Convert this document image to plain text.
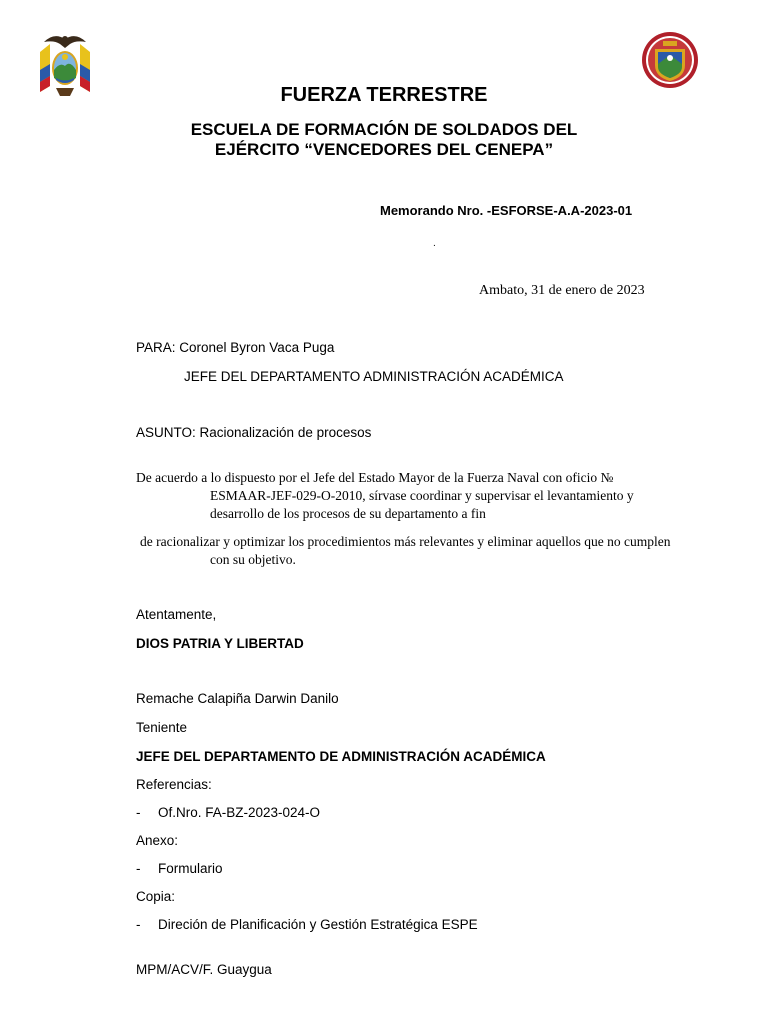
FUERZA TERRESTRE
ESCUELA DE FORMACIÓN DE SOLDADOS DEL
EJÉRCITO “VENCEDORES DEL CENEPA”
Memorando Nro. -ESFORSE-A.A-2023-01
.
Ambato, 31 de enero de 2023
PARA: Coronel Byron Vaca Puga
JEFE DEL DEPARTAMENTO ADMINISTRACIÓN ACADÉMICA
ASUNTO: Racionalización de procesos
De acuerdo a lo dispuesto por el Jefe del Estado Mayor de la Fuerza Naval con oficio №
ESMAAR-JEF-029-O-2010, sírvase coordinar y supervisar el levantamiento y
desarrollo de los procesos de su departamento a fin
de racionalizar y optimizar los procedimientos más relevantes y eliminar aquellos que no cumplen
con su objetivo.
Atentamente,
DIOS PATRIA Y LIBERTAD
Remache Calapiña Darwin Danilo
Teniente
JEFE DEL DEPARTAMENTO DE ADMINISTRACIÓN ACADÉMICA
Referencias:
- Of.Nro. FA-BZ-2023-024-O
Anexo:
- Formulario
Copia:
- Direción de Planificación y Gestión Estratégica ESPE
MPM/ACV/F. Guaygua
